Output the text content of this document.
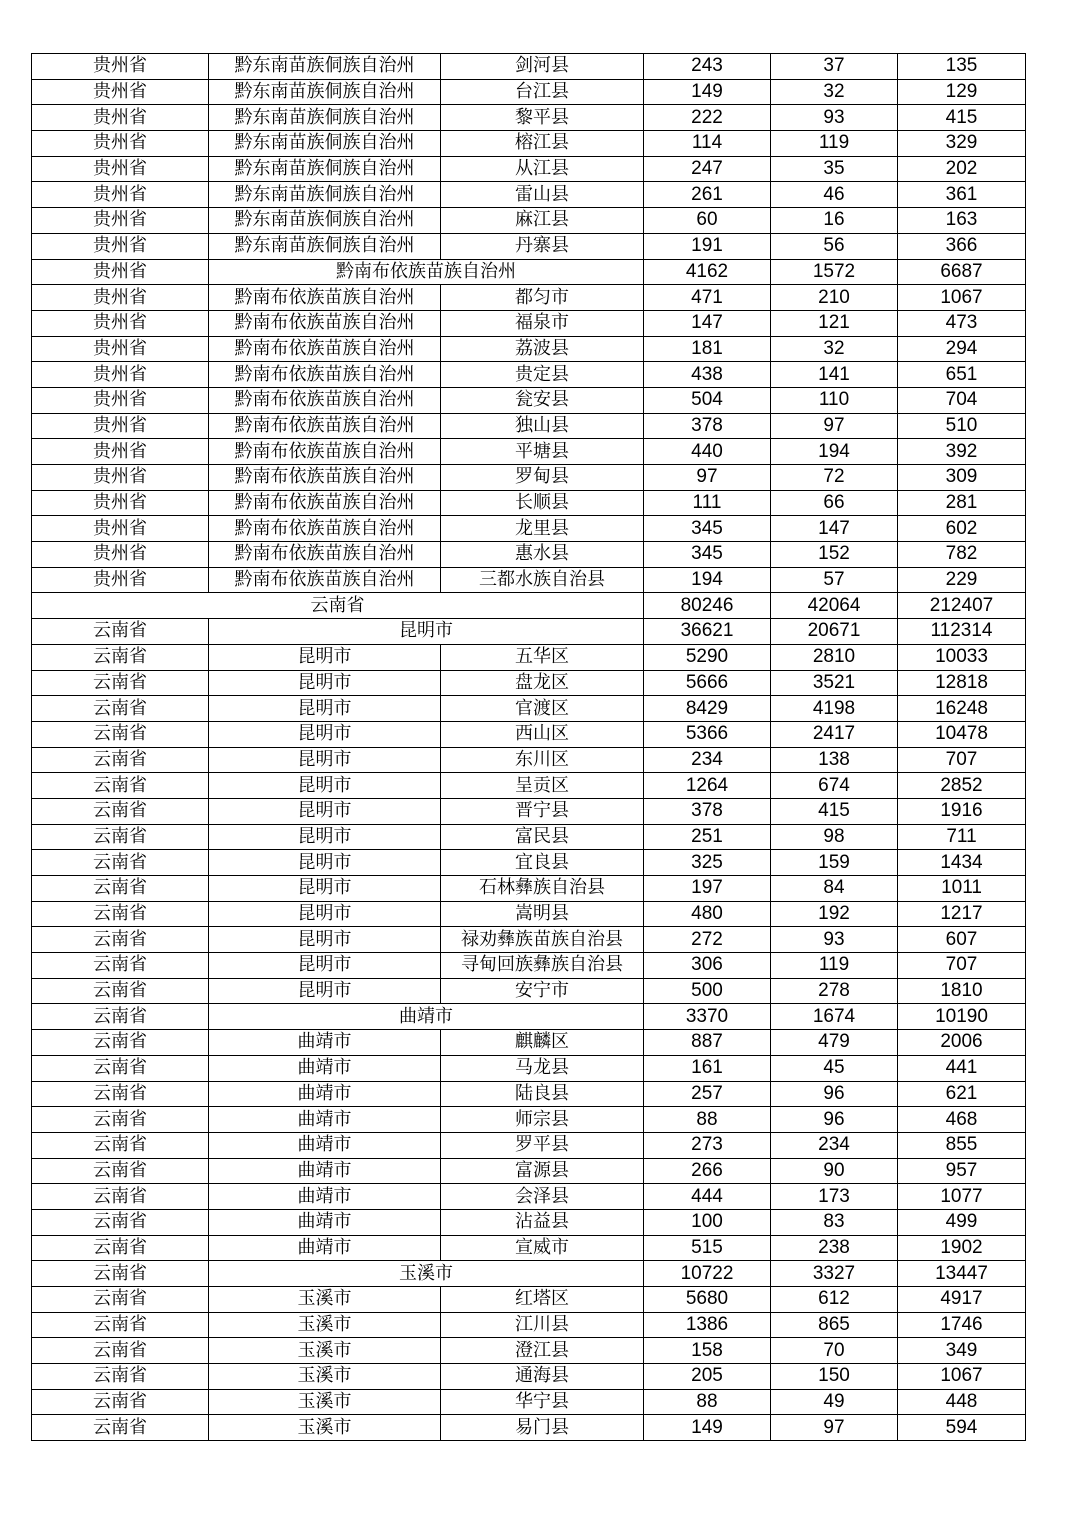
贵州省	黔东南苗族侗族自治州	剑河县	243	37	135
贵州省	黔东南苗族侗族自治州	台江县	149	32	129
贵州省	黔东南苗族侗族自治州	黎平县	222	93	415
贵州省	黔东南苗族侗族自治州	榕江县	114	119	329
贵州省	黔东南苗族侗族自治州	从江县	247	35	202
贵州省	黔东南苗族侗族自治州	雷山县	261	46	361
贵州省	黔东南苗族侗族自治州	麻江县	60	16	163
贵州省	黔东南苗族侗族自治州	丹寨县	191	56	366
贵州省	黔南布依族苗族自治州		4162	1572	6687
贵州省	黔南布依族苗族自治州	都匀市	471	210	1067
贵州省	黔南布依族苗族自治州	福泉市	147	121	473
贵州省	黔南布依族苗族自治州	荔波县	181	32	294
贵州省	黔南布依族苗族自治州	贵定县	438	141	651
贵州省	黔南布依族苗族自治州	瓮安县	504	110	704
贵州省	黔南布依族苗族自治州	独山县	378	97	510
贵州省	黔南布依族苗族自治州	平塘县	440	194	392
贵州省	黔南布依族苗族自治州	罗甸县	97	72	309
贵州省	黔南布依族苗族自治州	长顺县	111	66	281
贵州省	黔南布依族苗族自治州	龙里县	345	147	602
贵州省	黔南布依族苗族自治州	惠水县	345	152	782
贵州省	黔南布依族苗族自治州	三都水族自治县	194	57	229
云南省			80246	42064	212407
云南省	昆明市		36621	20671	112314
云南省	昆明市	五华区	5290	2810	10033
云南省	昆明市	盘龙区	5666	3521	12818
云南省	昆明市	官渡区	8429	4198	16248
云南省	昆明市	西山区	5366	2417	10478
云南省	昆明市	东川区	234	138	707
云南省	昆明市	呈贡区	1264	674	2852
云南省	昆明市	晋宁县	378	415	1916
云南省	昆明市	富民县	251	98	711
云南省	昆明市	宜良县	325	159	1434
云南省	昆明市	石林彝族自治县	197	84	1011
云南省	昆明市	嵩明县	480	192	1217
云南省	昆明市	禄劝彝族苗族自治县	272	93	607
云南省	昆明市	寻甸回族彝族自治县	306	119	707
云南省	昆明市	安宁市	500	278	1810
云南省	曲靖市		3370	1674	10190
云南省	曲靖市	麒麟区	887	479	2006
云南省	曲靖市	马龙县	161	45	441
云南省	曲靖市	陆良县	257	96	621
云南省	曲靖市	师宗县	88	96	468
云南省	曲靖市	罗平县	273	234	855
云南省	曲靖市	富源县	266	90	957
云南省	曲靖市	会泽县	444	173	1077
云南省	曲靖市	沾益县	100	83	499
云南省	曲靖市	宣威市	515	238	1902
云南省	玉溪市		10722	3327	13447
云南省	玉溪市	红塔区	5680	612	4917
云南省	玉溪市	江川县	1386	865	1746
云南省	玉溪市	澄江县	158	70	349
云南省	玉溪市	通海县	205	150	1067
云南省	玉溪市	华宁县	88	49	448
云南省	玉溪市	易门县	149	97	594
